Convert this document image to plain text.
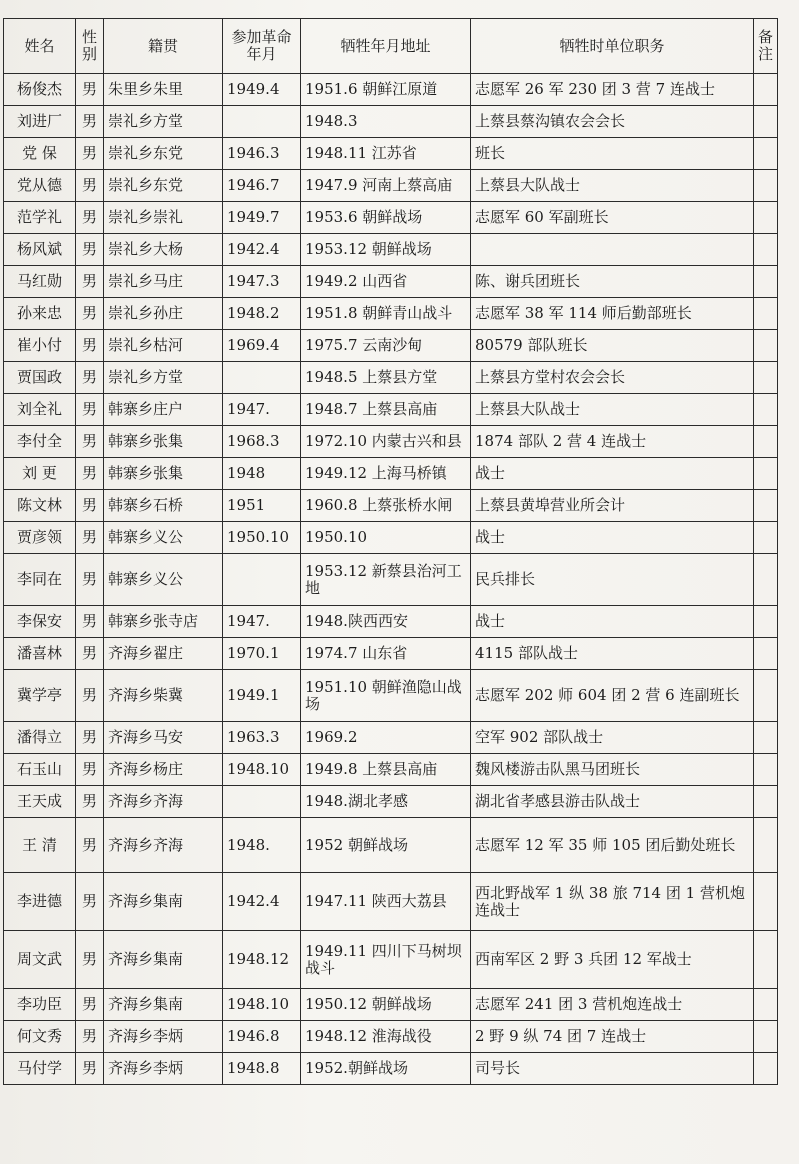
姓名	性别	籍贯	参加革命年月	牺牲年月地址	牺牲时单位职务	备注
杨俊杰	男	朱里乡朱里	1949.4	1951.6 朝鲜江原道	志愿军 26 军 230 团 3 营 7 连战士	
刘进厂	男	崇礼乡方堂		1948.3	上蔡县蔡沟镇农会会长	
党 保	男	崇礼乡东党	1946.3	1948.11 江苏省	班长	
党从德	男	崇礼乡东党	1946.7	1947.9 河南上蔡高庙	上蔡县大队战士	
范学礼	男	崇礼乡崇礼	1949.7	1953.6 朝鲜战场	志愿军 60 军副班长	
杨风斌	男	崇礼乡大杨	1942.4	1953.12 朝鲜战场		
马红勋	男	崇礼乡马庄	1947.3	1949.2 山西省	陈、谢兵团班长	
孙来忠	男	崇礼乡孙庄	1948.2	1951.8 朝鲜青山战斗	志愿军 38 军 114 师后勤部班长	
崔小付	男	崇礼乡枯河	1969.4	1975.7 云南沙甸	80579 部队班长	
贾国政	男	崇礼乡方堂		1948.5 上蔡县方堂	上蔡县方堂村农会会长	
刘全礼	男	韩寨乡庄户	1947.	1948.7 上蔡县高庙	上蔡县大队战士	
李付全	男	韩寨乡张集	1968.3	1972.10 内蒙古兴和县	1874 部队 2 营 4 连战士	
刘 更	男	韩寨乡张集	1948	1949.12 上海马桥镇	战士	
陈文林	男	韩寨乡石桥	1951	1960.8 上蔡张桥水闸	上蔡县黄埠营业所会计	
贾彦领	男	韩寨乡义公	1950.10	1950.10	战士	
李同在	男	韩寨乡义公		1953.12 新蔡县治河工地	民兵排长	
李保安	男	韩寨乡张寺店	1947.	1948.陕西西安	战士	
潘喜林	男	齐海乡翟庄	1970.1	1974.7 山东省	4115 部队战士	
冀学亭	男	齐海乡柴冀	1949.1	1951.10 朝鲜渔隐山战场	志愿军 202 师 604 团 2 营 6 连副班长	
潘得立	男	齐海乡马安	1963.3	1969.2	空军 902 部队战士	
石玉山	男	齐海乡杨庄	1948.10	1949.8 上蔡县高庙	魏风楼游击队黑马团班长	
王天成	男	齐海乡齐海		1948.湖北孝感	湖北省孝感县游击队战士	
王 清	男	齐海乡齐海	1948.	1952 朝鲜战场	志愿军 12 军 35 师 105 团后勤处班长	
李进德	男	齐海乡集南	1942.4	1947.11 陕西大荔县	西北野战军 1 纵 38 旅 714 团 1 营机炮连战士	
周文武	男	齐海乡集南	1948.12	1949.11 四川下马树坝战斗	西南军区 2 野 3 兵团 12 军战士	
李功臣	男	齐海乡集南	1948.10	1950.12 朝鲜战场	志愿军 241 团 3 营机炮连战士	
何文秀	男	齐海乡李炳	1946.8	1948.12 淮海战役	2 野 9 纵 74 团 7 连战士	
马付学	男	齐海乡李炳	1948.8	1952.朝鲜战场	司号长	
